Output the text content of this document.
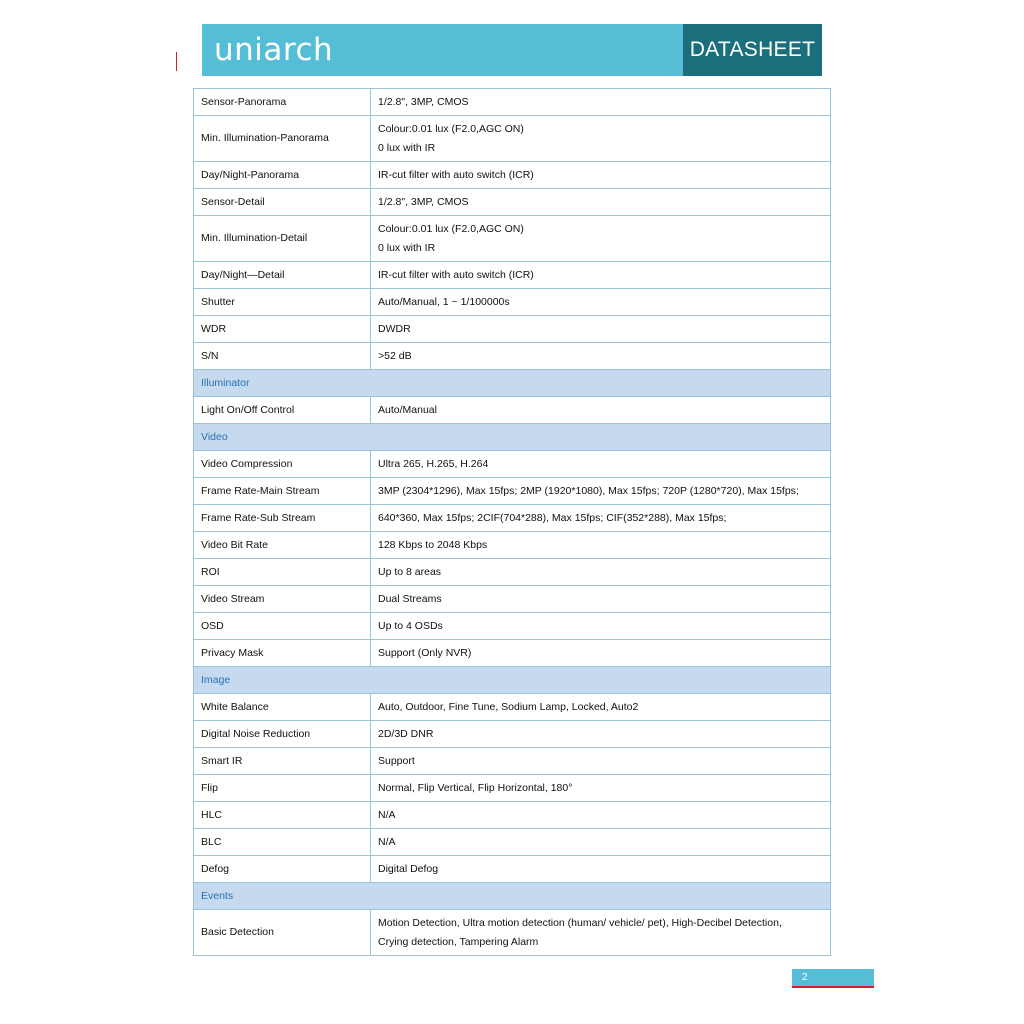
uniarch	DATASHEET
Sensor-Panorama	1/2.8", 3MP, CMOS

Min. Illumination-Panorama	Colour:0.01 lux (F2.0,AGC ON)
0 lux with IR

Day/Night-Panorama	IR-cut filter with auto switch (ICR)

Sensor-Detail	1/2.8", 3MP, CMOS

Min. Illumination-Detail	Colour:0.01 lux (F2.0,AGC ON)
0 lux with IR

Day/Night—Detail	IR-cut filter with auto switch (ICR)

Shutter	Auto/Manual, 1 ~ 1/100000s

WDR	DWDR

S/N	>52 dB

Illuminator	
Light On/Off Control	Auto/Manual

Video	
Video Compression	Ultra 265, H.265, H.264

Frame Rate-Main Stream	3MP (2304*1296), Max 15fps; 2MP (1920*1080), Max 15fps; 720P (1280*720), Max 15fps;

Frame Rate-Sub Stream	640*360, Max 15fps; 2CIF(704*288), Max 15fps; CIF(352*288), Max 15fps;

Video Bit Rate	128 Kbps to 2048 Kbps

ROI	Up to 8 areas

Video Stream	Dual Streams

OSD	Up to 4 OSDs

Privacy Mask	Support (Only NVR)

Image	
White Balance	Auto, Outdoor, Fine Tune, Sodium Lamp, Locked, Auto2

Digital Noise Reduction	2D/3D DNR

Smart IR	Support

Flip	Normal, Flip Vertical, Flip Horizontal, 180°

HLC	N/A

BLC	N/A

Defog	Digital Defog

Events	
Basic Detection	Motion Detection, Ultra motion detection (human/ vehicle/ pet), High-Decibel Detection,
Crying detection, Tampering Alarm
2
